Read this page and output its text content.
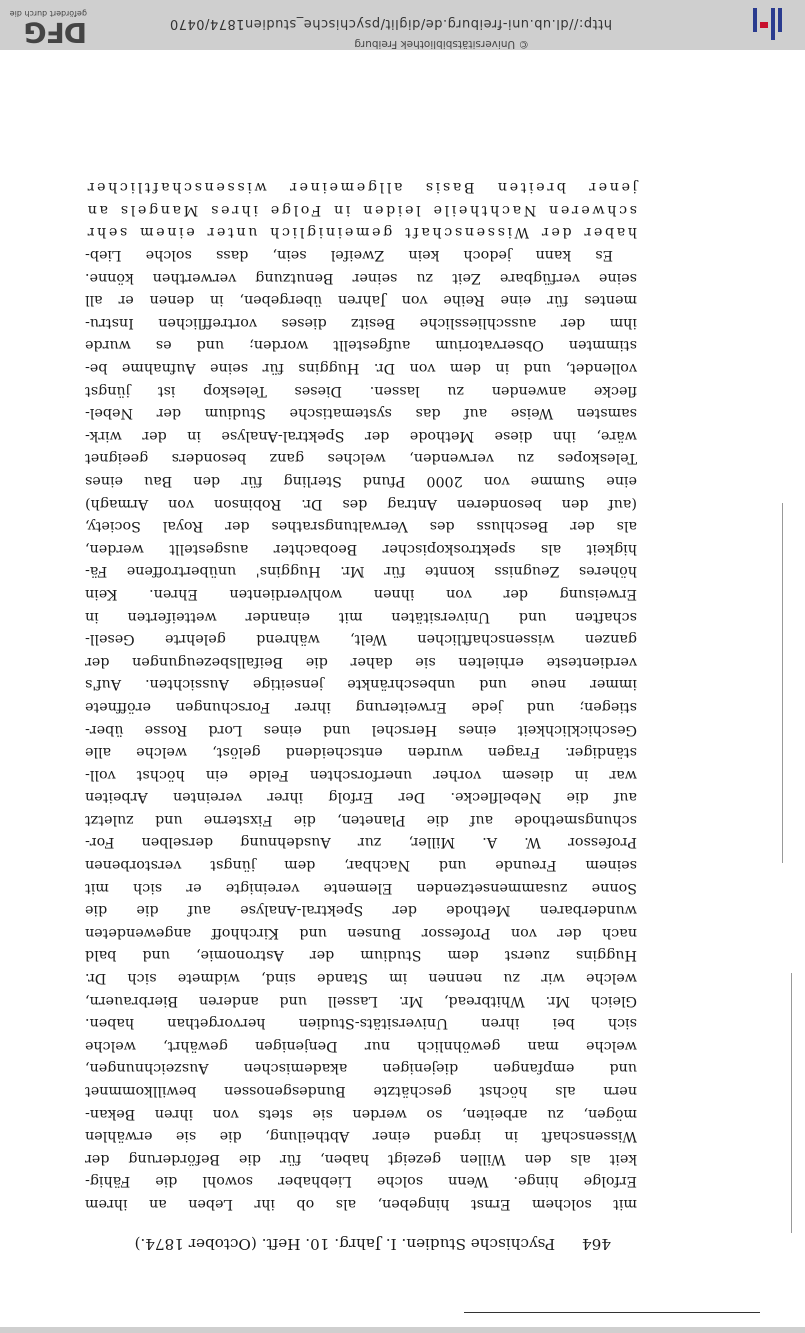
464 Psychische Studien. I. Jahrg. 10. Heft. (October 1874.)
mit solchem Ernst hingeben, als ob ihr Leben an ihrem
Erfolge hinge. Wenn solche Liebhaber sowohl die Fähig-
keit als den Willen gezeigt haben, für die Beförderung der
Wissenschaft in irgend einer Abtheilung, die sie erwählen
mögen, zu arbeiten, so werden sie stets von ihren Bekan-
nern als höchst geschätzte Bundesgenossen bewillkommnet
und empfangen diejenigen akademischen Auszeichnungen,
welche man gewöhnlich nur Denjenigen gewährt, welche
sich bei ihren Universitäts-Studien hervorgethan haben.
Gleich Mr. Whitbread, Mr. Lassell und anderen Bierbrauern,
welche wir zu nennen im Stande sind, widmete sich Dr.
Huggins zuerst dem Studium der Astronomie, und bald
nach der von Professor Bunsen und Kirchhoff angewendeten
wunderbaren Methode der Spektral-Analyse auf die die
Sonne zusammensetzenden Elemente vereinigte er sich mit
seinem Freunde und Nachbar, dem jüngst verstorbenen
Professor W. A. Miller, zur Ausdehnung derselben For-
schungsmethode auf die Planeten, die Fixsterne und zuletzt
auf die Nebelflecke. Der Erfolg ihrer vereinten Arbeiten
war in diesem vorher unerforschten Felde ein höchst voll-
ständiger. Fragen wurden entscheidend gelöst, welche alle
Geschicklichkeit eines Herschel und eines Lord Rosse über-
stiegen; und jede Erweiterung ihrer Forschungen eröffnete
immer neue und unbeschränkte jenseitige Aussichten. Auf's
verdienteste erhielten sie daher die Beifallsbezeugungen der
ganzen wissenschaftlichen Welt, während gelehrte Gesell-
schaften und Universitäten mit einander wetteiferten in
Erweisung der von ihnen wohlverdienten Ehren. Kein
höheres Zeugniss konnte für Mr. Huggins' unübertroffene Fä-
higkeit als spektroskopischer Beobachter ausgestellt werden,
als der Beschluss des Verwaltungsrathes der Royal Society,
(auf den besonderen Antrag des Dr. Robinson von Armagh)
eine Summe von 2000 Pfund Sterling für den Bau eines
Teleskopes zu verwenden, welches ganz besonders geeignet
wäre, ihn diese Methode der Spektral-Analyse in der wirk-
samsten Weise auf das systematische Studium der Nebel-
flecke anwenden zu lassen. Dieses Teleskop ist jüngst
vollendet, und in dem von Dr. Huggins für seine Aufnahme be-
stimmten Observatorium aufgestellt worden; und es wurde
ihm der ausschliessliche Besitz dieses vortrefflichen Instru-
mentes für eine Reihe von Jahren übergeben, in denen er all
seine verfügbare Zeit zu seiner Benutzung verwerthen könne.
Es kann jedoch kein Zweifel sein, dass solche Lieb-
haber der Wissenschaft gemeiniglich unter einem sehr
schweren Nachtheile leiden in Folge ihres Mangels an
jener breiten Basis allgemeiner wissenschaftlicher
http://dl.ub.uni-freiburg.de/diglit/psychische_studien1874/0470
© Universitätsbibliothek Freiburg
DFG
gefördert durch die
